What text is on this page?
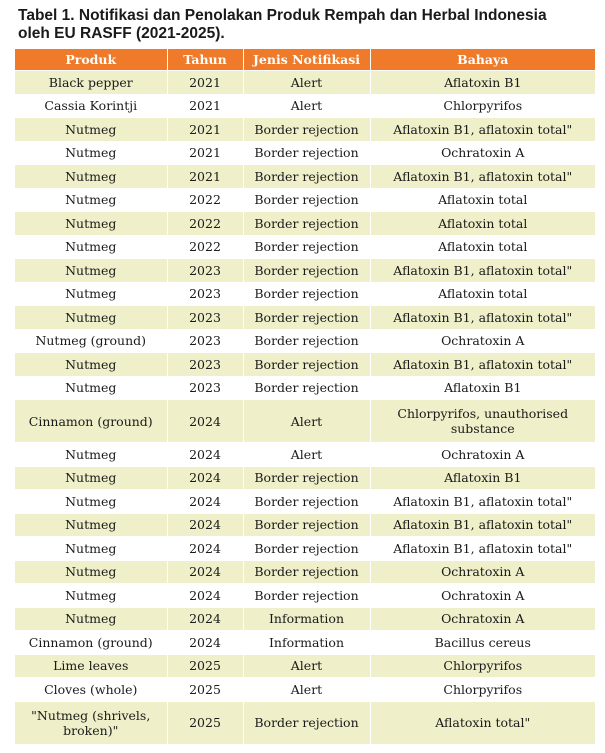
Tabel 1. Notifikasi dan Penolakan Produk Rempah dan Herbal Indonesia
oleh EU RASFF (2021-2025).
Produk	Tahun	Jenis Notifikasi	Bahaya
Black pepper	2021	Alert	Aflatoxin B1
Cassia Korintji	2021	Alert	Chlorpyrifos
Nutmeg	2021	Border rejection	Aflatoxin B1, aflatoxin total"
Nutmeg	2021	Border rejection	Ochratoxin A
Nutmeg	2021	Border rejection	Aflatoxin B1, aflatoxin total"
Nutmeg	2022	Border rejection	Aflatoxin total
Nutmeg	2022	Border rejection	Aflatoxin total
Nutmeg	2022	Border rejection	Aflatoxin total
Nutmeg	2023	Border rejection	Aflatoxin B1, aflatoxin total"
Nutmeg	2023	Border rejection	Aflatoxin total
Nutmeg	2023	Border rejection	Aflatoxin B1, aflatoxin total"
Nutmeg (ground)	2023	Border rejection	Ochratoxin A
Nutmeg	2023	Border rejection	Aflatoxin B1, aflatoxin total"
Nutmeg	2023	Border rejection	Aflatoxin B1
Cinnamon (ground)	2024	Alert	Chlorpyrifos, unauthorised substance
Nutmeg	2024	Alert	Ochratoxin A
Nutmeg	2024	Border rejection	Aflatoxin B1
Nutmeg	2024	Border rejection	Aflatoxin B1, aflatoxin total"
Nutmeg	2024	Border rejection	Aflatoxin B1, aflatoxin total"
Nutmeg	2024	Border rejection	Aflatoxin B1, aflatoxin total"
Nutmeg	2024	Border rejection	Ochratoxin A
Nutmeg	2024	Border rejection	Ochratoxin A
Nutmeg	2024	Information	Ochratoxin A
Cinnamon (ground)	2024	Information	Bacillus cereus
Lime leaves	2025	Alert	Chlorpyrifos
Cloves (whole)	2025	Alert	Chlorpyrifos
"Nutmeg (shrivels, broken)"	2025	Border rejection	Aflatoxin total"
